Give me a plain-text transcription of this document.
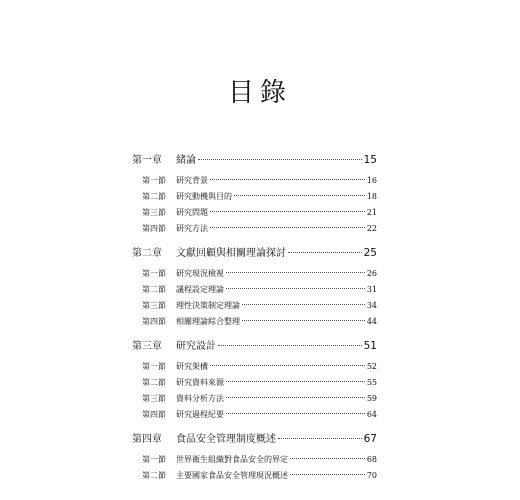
目錄
第一章	緒論	15
第一節	研究背景	16
第二節	研究動機與目的	18
第三節	研究問題	21
第四節	研究方法	22
第二章	文獻回顧與相關理論探討	25
第一節	研究現況檢視	26
第二節	議程設定理論	31
第三節	理性決策制定理論	34
第四節	相關理論綜合整理	44
第三章	研究設計	51
第一節	研究架構	52
第二節	研究資料來源	55
第三節	資料分析方法	59
第四節	研究過程紀要	64
第四章	食品安全管理制度概述	67
第一節	世界衛生組織對食品安全的界定	68
第二節	主要國家食品安全管理現況概述	70
